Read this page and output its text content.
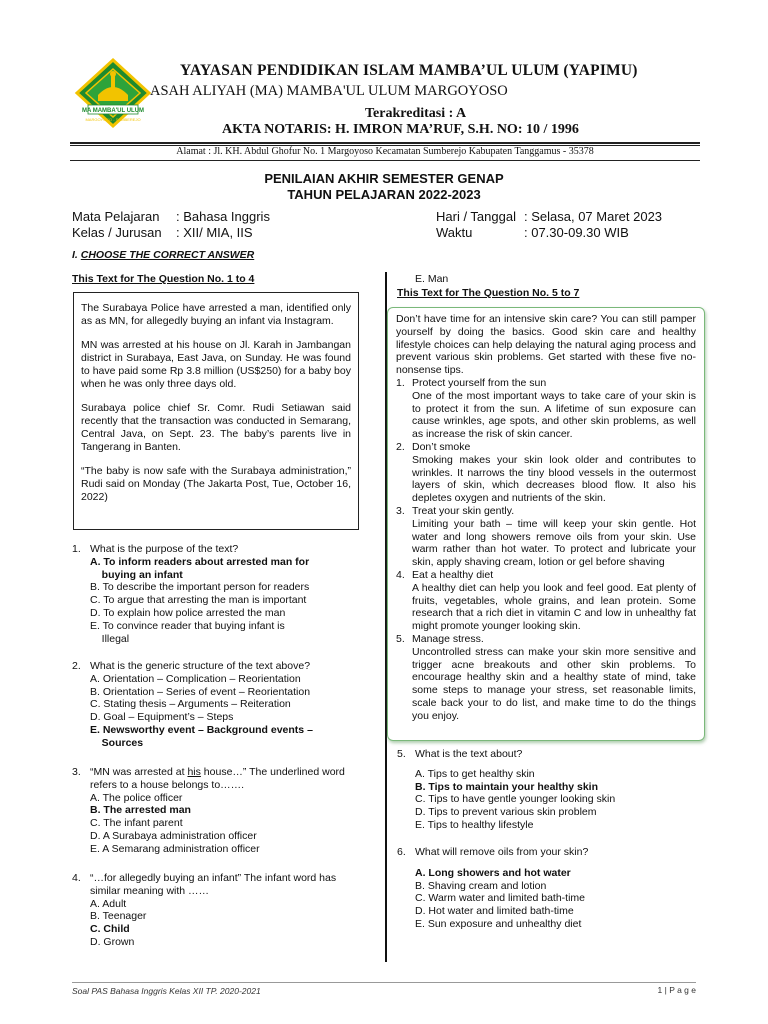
MA MAMBA'UL ULUM
MARGOYOSO - SUMBEREJO
YAYASAN PENDIDIKAN ISLAM MAMBA’UL ULUM (YAPIMU)
ASAH ALIYAH (MA) MAMBA'UL ULUM MARGOYOSO
Terakreditasi : A
AKTA NOTARIS: H. IMRON MA’RUF, S.H. NO: 10 / 1996
Alamat : Jl. KH. Abdul Ghofur No. 1 Margoyoso Kecamatan Sumberejo Kabupaten Tanggamus - 35378
PENILAIAN AKHIR SEMESTER GENAP
TAHUN PELAJARAN 2022-2023
Mata Pelajaran : Bahasa Inggris
Kelas / Jurusan : XII/ MIA, IIS
Hari / Tanggal : Selasa, 07 Maret 2023
Waktu	: 07.30-09.30 WIB
I. CHOOSE THE CORRECT ANSWER
This Text for The Question No. 1 to 4

The Surabaya Police have arrested a man, identified only as as MN, for allegedly buying an infant via Instagram.

MN was arrested at his house on Jl. Karah in Jambangan district in Surabaya, East Java, on Sunday. He was found to have paid some Rp 3.8 million (US$250) for a baby boy when he was only three days old.

Surabaya police chief Sr. Comr. Rudi Setiawan said recently that the transaction was conducted in Semarang, Central Java, on Sept. 23. The baby’s parents live in Tangerang in Banten.

“The baby is now safe with the Surabaya administration,” Rudi said on Monday (The Jakarta Post, Tue, October 16, 2022)

1. What is the purpose of the text?
A. To inform readers about arrested man for
buying an infant
B. To describe the important person for readers
C. To argue that arresting the man is important
D. To explain how police arrested the man
E. To convince reader that buying infant is
Illegal
2. What is the generic structure of the text above?
A. Orientation – Complication – Reorientation
B. Orientation – Series of event – Reorientation
C. Stating thesis – Arguments – Reiteration
D. Goal – Equipment’s – Steps
E. Newsworthy event – Background events –
Sources
3. “MN was arrested at his house…” The underlined word refers to a house belongs to…….
A. The police officer
B. The arrested man
C. The infant parent
D. A Surabaya administration officer
E. A Semarang administration officer
4. “…for allegedly buying an infant” The infant word has similar meaning with ……
A. Adult
B. Teenager
C. Child
D. Grown
E. Man
This Text for The Question No. 5 to 7

Don’t have time for an intensive skin care? You can still pamper yourself by doing the basics. Good skin care and healthy lifestyle choices can help delaying the natural aging process and prevent various skin problems. Get started with these five no-nonsense tips.

1. Protect yourself from the sun
One of the most important ways to take care of your skin is to protect it from the sun. A lifetime of sun exposure can cause wrinkles, age spots, and other skin problems, as well as increase the risk of skin cancer.
2. Don’t smoke
Smoking makes your skin look older and contributes to wrinkles. It narrows the tiny blood vessels in the outermost layers of skin, which decreases blood flow. It also his depletes oxygen and nutrients of the skin.
3. Treat your skin gently.
Limiting your bath – time will keep your skin gentle. Hot water and long showers remove oils from your skin. Use warm rather than hot water. To protect and lubricate your skin, apply shaving cream, lotion or gel before shaving
4. Eat a healthy diet
A healthy diet can help you look and feel good. Eat plenty of fruits, vegetables, whole grains, and lean protein. Some research that a rich diet in vitamin C and low in unhealthy fat might promote younger looking skin.
5. Manage stress.
Uncontrolled stress can make your skin more sensitive and trigger acne breakouts and other skin problems. To encourage healthy skin and a healthy state of mind, take some steps to manage your stress, set reasonable limits, scale back your to do list, and make time to do the things you enjoy.
5. What is the text about?
A. Tips to get healthy skin
B. Tips to maintain your healthy skin
C. Tips to have gentle younger looking skin
D. Tips to prevent various skin problem
E. Tips to healthy lifestyle
6. What will remove oils from your skin?
A. Long showers and hot water
B. Shaving cream and lotion
C. Warm water and limited bath-time
D. Hot water and limited bath-time
E. Sun exposure and unhealthy diet
Soal PAS Bahasa Inggris Kelas XII TP. 2020-2021	1 | P a g e
